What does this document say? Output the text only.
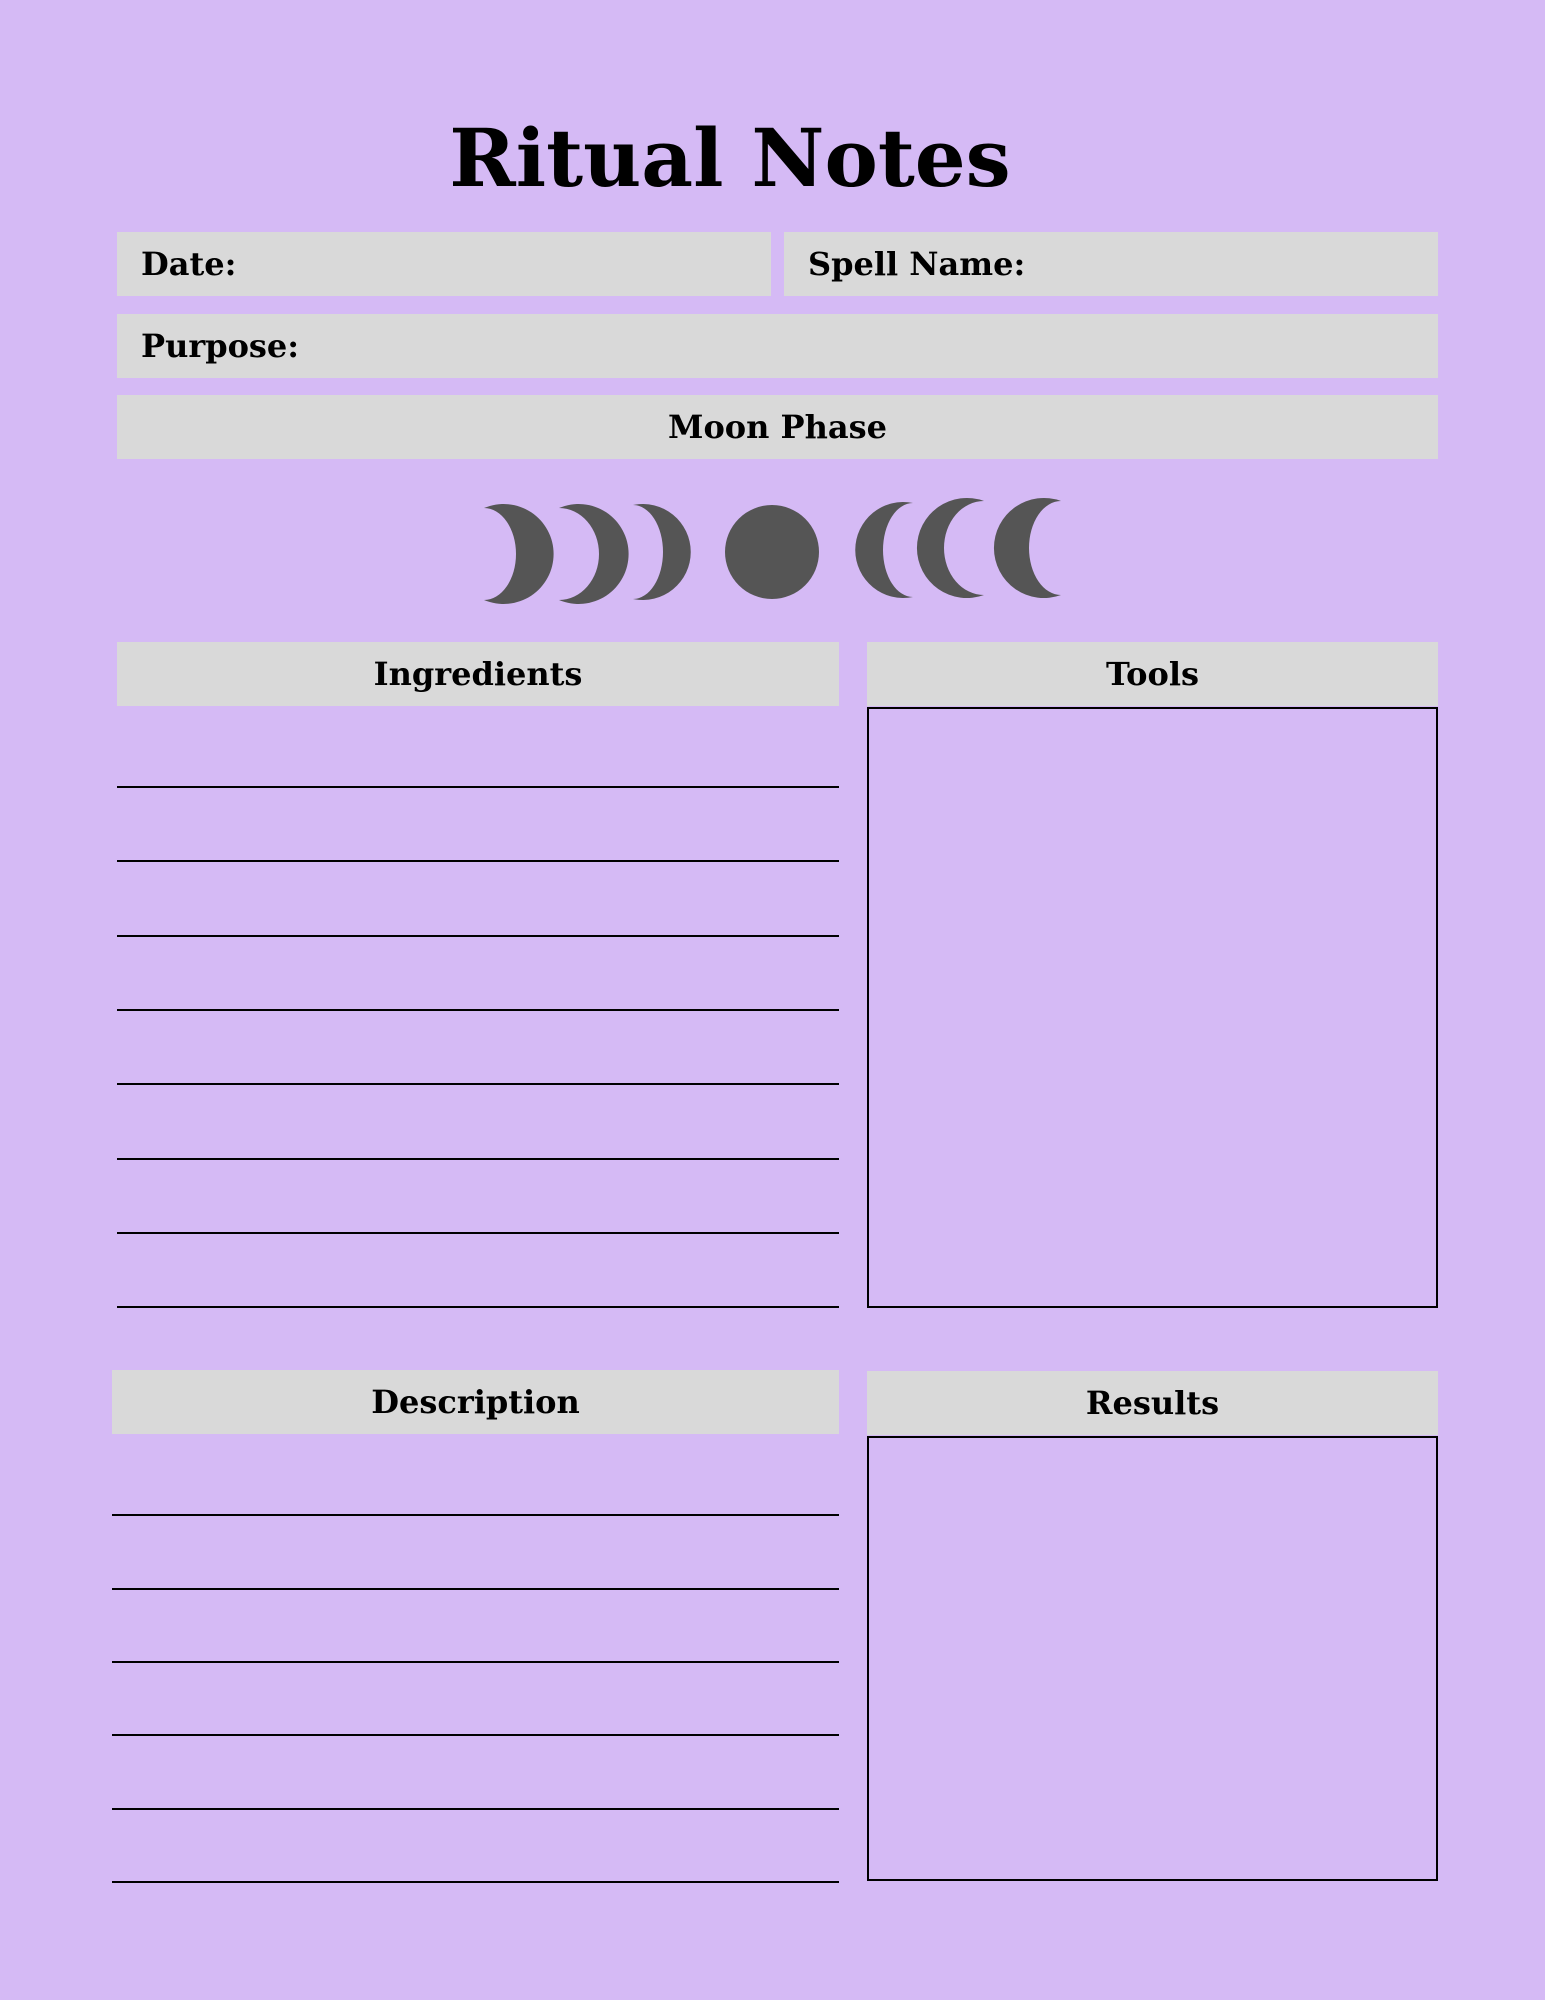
Ritual Notes
Date:	Spell Name:
Purpose:
Moon Phase
Ingredients	Tools
Description	Results
